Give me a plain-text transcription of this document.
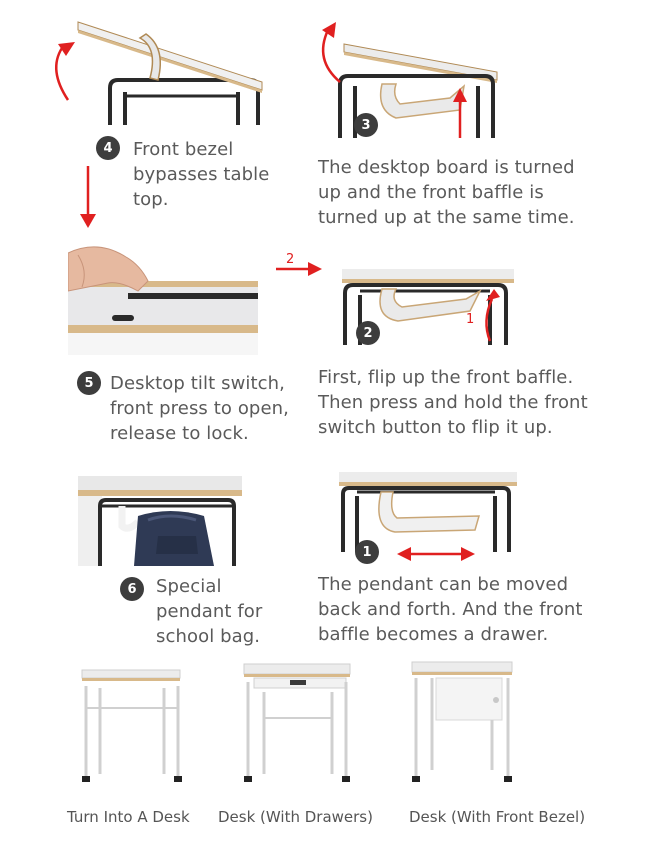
4	Front bezel
bypasses table
top.
3
The desktop board is turned
up and the front baffle is
turned up at the same time.
5 Desktop tilt switch,
front press to open,
release to lock.
2
1
2
First, flip up the front baffle.
Then press and hold the front
switch button to flip it up.
6	Special
pendant for
school bag.
1
The pendant can be moved
back and forth. And the front
baffle becomes a drawer.
Turn Into A Desk Desk (With Drawers) Desk (With Front Bezel)
